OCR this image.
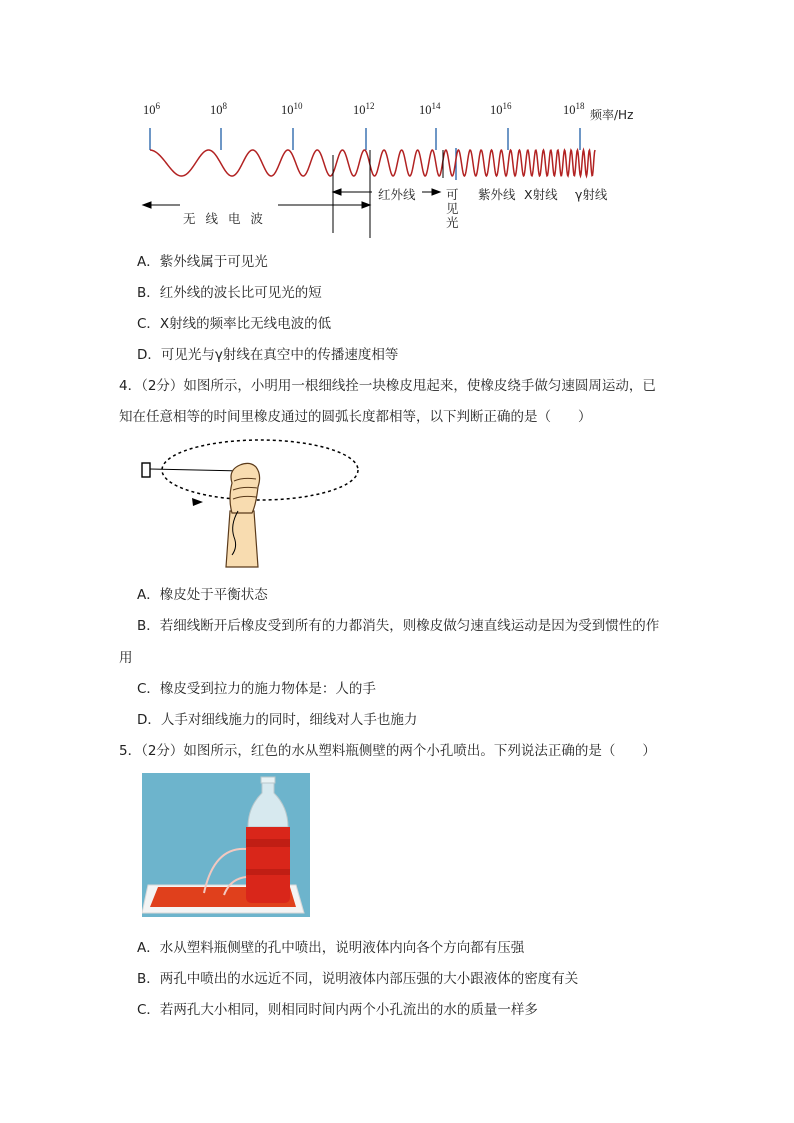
$10^6$	$10^8$	$10^{10}$	$10^{12}$	$10^{14}$	$10^{16}$	$10^{18}$
频率/Hz
无 线 电 波
红外线 可
见
光
紫外线 X射线 γ射线
A．紫外线属于可见光
B．红外线的波长比可见光的短
C．X射线的频率比无线电波的低
D．可见光与γ射线在真空中的传播速度相等
4．（2分）如图所示，小明用一根细线拴一块橡皮甩起来，使橡皮绕手做匀速圆周运动，已
知在任意相等的时间里橡皮通过的圆弧长度都相等，以下判断正确的是（　　）
A．橡皮处于平衡状态
B．若细线断开后橡皮受到所有的力都消失，则橡皮做匀速直线运动是因为受到惯性的作
用
C．橡皮受到拉力的施力物体是：人的手
D．人手对细线施力的同时，细线对人手也施力
5．（2分）如图所示，红色的水从塑料瓶侧壁的两个小孔喷出。下列说法正确的是（　　）
A．水从塑料瓶侧壁的孔中喷出，说明液体内向各个方向都有压强
B．两孔中喷出的水远近不同，说明液体内部压强的大小跟液体的密度有关
C．若两孔大小相同，则相同时间内两个小孔流出的水的质量一样多
